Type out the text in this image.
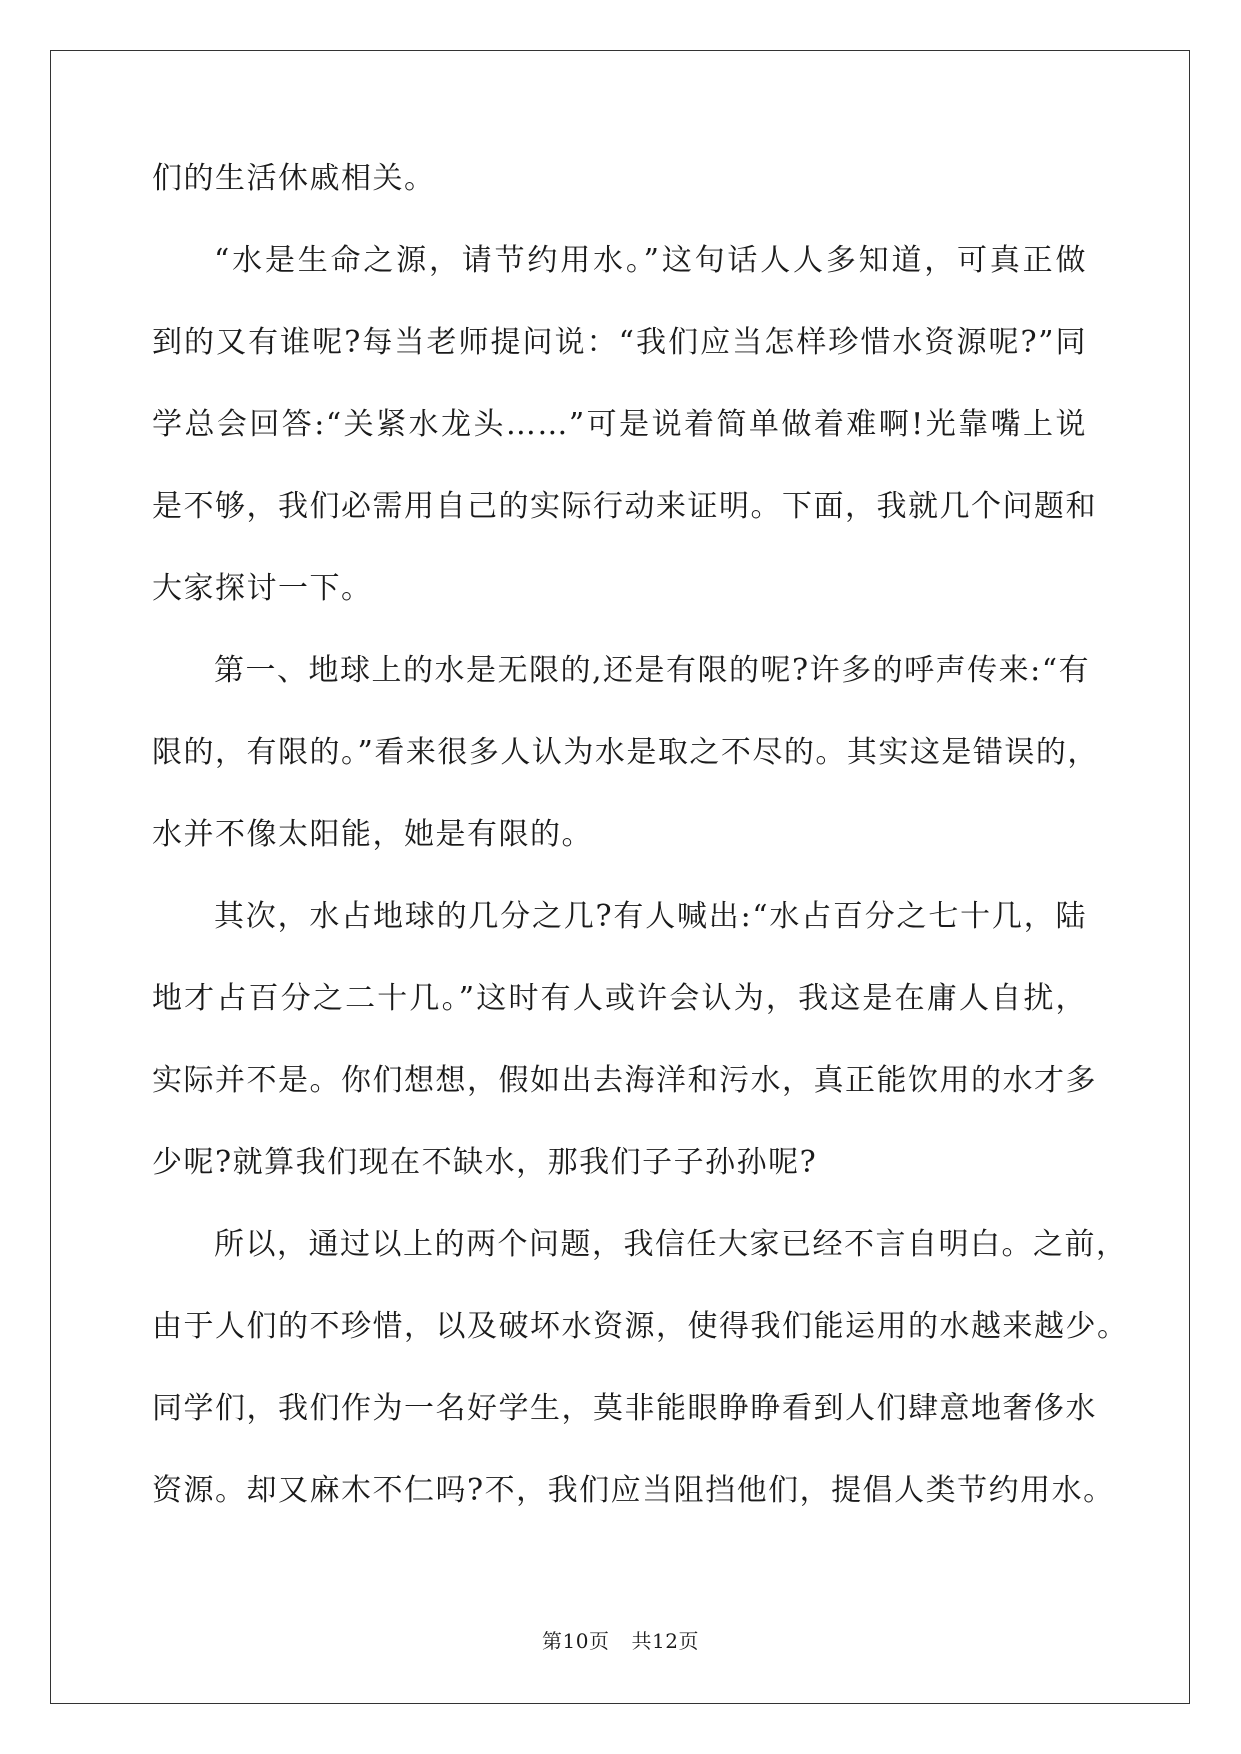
们的生活休戚相关。
“水是生命之源，请节约用水。”这句话人人多知道，可真正做
到的又有谁呢?每当老师提问说：“我们应当怎样珍惜水资源呢?”同
学总会回答:“关紧水龙头……”可是说着简单做着难啊!光靠嘴上说
是不够，我们必需用自己的实际行动来证明。下面，我就几个问题和
大家探讨一下。
第一、地球上的水是无限的,还是有限的呢?许多的呼声传来:“有
限的，有限的。”看来很多人认为水是取之不尽的。其实这是错误的，
水并不像太阳能，她是有限的。
其次，水占地球的几分之几?有人喊出:“水占百分之七十几，陆
地才占百分之二十几。”这时有人或许会认为，我这是在庸人自扰，
实际并不是。你们想想，假如出去海洋和污水，真正能饮用的水才多
少呢?就算我们现在不缺水，那我们子子孙孙呢?
所以，通过以上的两个问题，我信任大家已经不言自明白。之前，
由于人们的不珍惜，以及破坏水资源，使得我们能运用的水越来越少。
同学们，我们作为一名好学生，莫非能眼睁睁看到人们肆意地奢侈水
资源。却又麻木不仁吗?不，我们应当阻挡他们，提倡人类节约用水。
第10页 共12页
